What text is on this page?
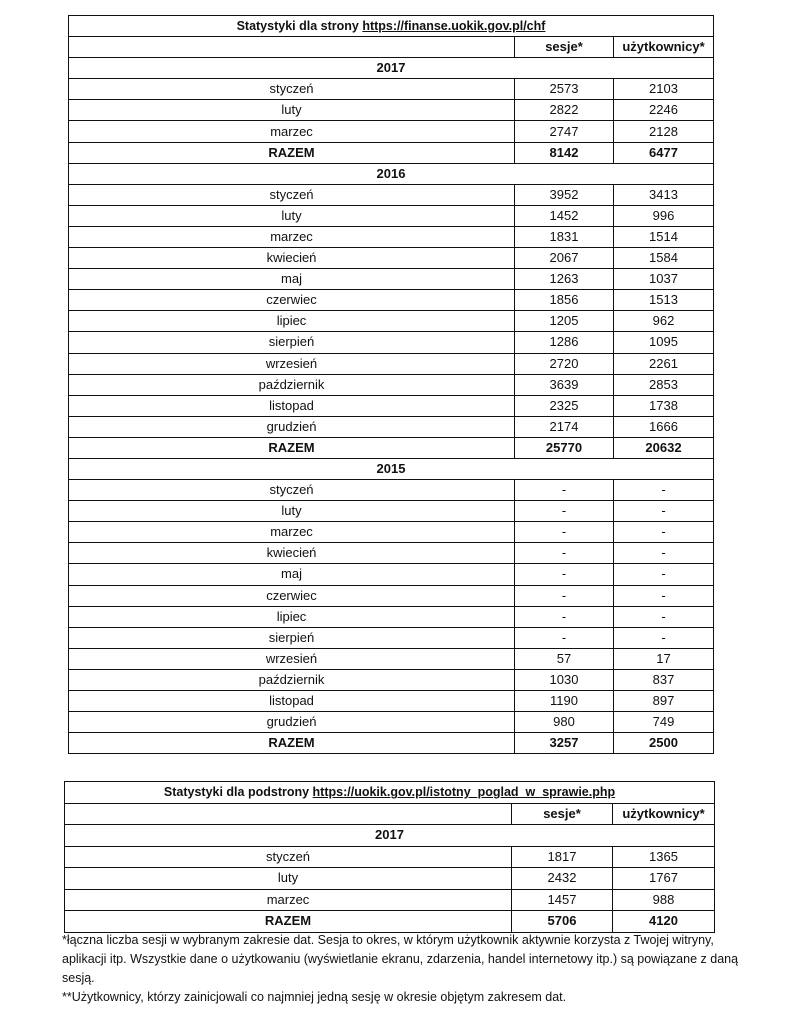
Statystyki dla strony https://finanse.uokik.gov.pl/chf		
	sesje*	użytkownicy*
2017		
styczeń	2573	2103
luty	2822	2246
marzec	2747	2128
RAZEM	8142	6477
2016		
styczeń	3952	3413
luty	1452	996
marzec	1831	1514
kwiecień	2067	1584
maj	1263	1037
czerwiec	1856	1513
lipiec	1205	962
sierpień	1286	1095
wrzesień	2720	2261
październik	3639	2853
listopad	2325	1738
grudzień	2174	1666
RAZEM	25770	20632
2015		
styczeń	-	-
luty	-	-
marzec	-	-
kwiecień	-	-
maj	-	-
czerwiec	-	-
lipiec	-	-
sierpień	-	-
wrzesień	57	17
październik	1030	837
listopad	1190	897
grudzień	980	749
RAZEM	3257	2500
Statystyki dla podstrony https://uokik.gov.pl/istotny_poglad_w_sprawie.php		
	sesje*	użytkownicy*
2017		
styczeń	1817	1365
luty	2432	1767
marzec	1457	988
RAZEM	5706	4120

*łączna liczba sesji w wybranym zakresie dat. Sesja to okres, w którym użytkownik aktywnie korzysta z Twojej witryny, aplikacji itp. Wszystkie dane o użytkowaniu (wyświetlanie ekranu, zdarzenia, handel internetowy itp.) są powiązane z daną sesją.

**Użytkownicy, którzy zainicjowali co najmniej jedną sesję w okresie objętym zakresem dat.
